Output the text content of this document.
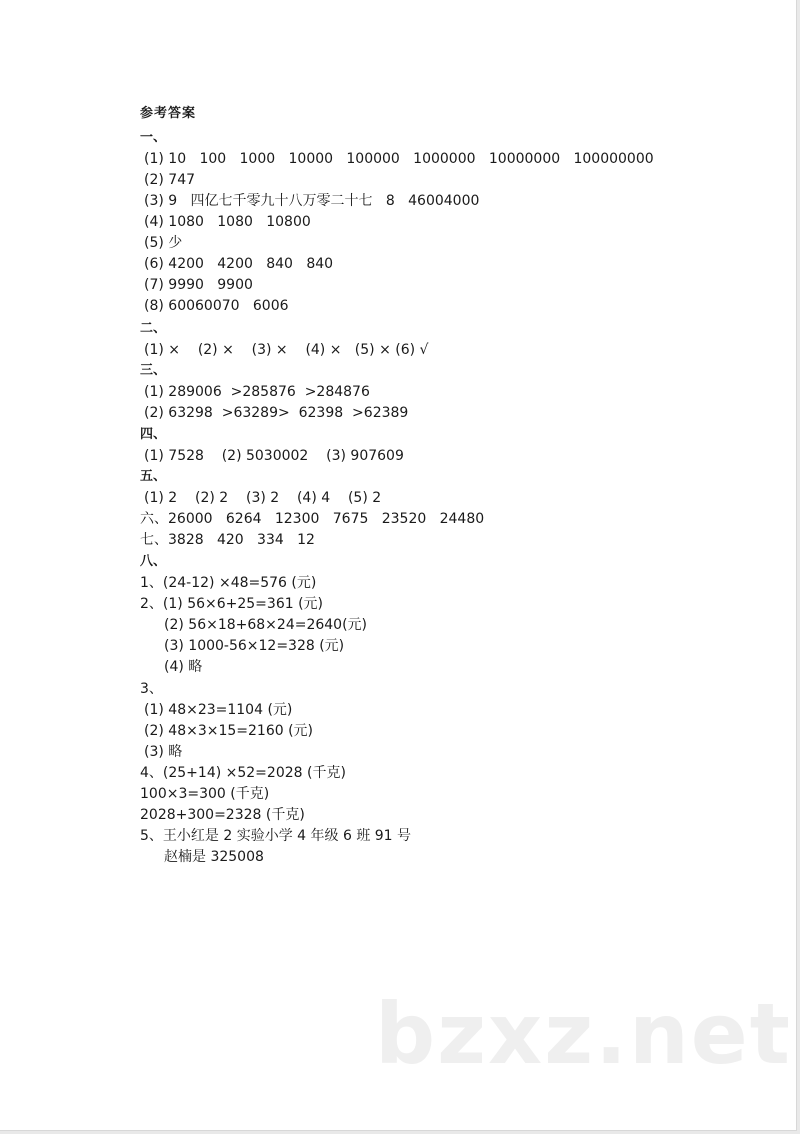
参考答案
一、
(1) 10   100   1000   10000   100000   1000000   10000000   100000000
(2) 747
(3) 9   四亿七千零九十八万零二十七   8   46004000
(4) 1080   1080   10800
(5) 少
(6) 4200   4200   840   840
(7) 9990   9900
(8) 60060070   6006
二、
(1) ×    (2) ×    (3) ×    (4) ×   (5) × (6) √
三、
(1) 289006  >285876  >284876
(2) 63298  >63289>  62398  >62389
四、
(1) 7528    (2) 5030002    (3) 907609
五、
(1) 2    (2) 2    (3) 2    (4) 4    (5) 2
六、26000   6264   12300   7675   23520   24480
七、3828   420   334   12
八、
1、(24-12) ×48=576 (元)
2、(1) 56×6+25=361 (元)
(2) 56×18+68×24=2640(元)
(3) 1000-56×12=328 (元)
(4) 略
3、
(1) 48×23=1104 (元)
(2) 48×3×15=2160 (元)
(3) 略
4、(25+14) ×52=2028 (千克)
100×3=300 (千克)
2028+300=2328 (千克)
5、王小红是 2 实验小学 4 年级 6 班 91 号
赵楠是 325008
bzxz.net
